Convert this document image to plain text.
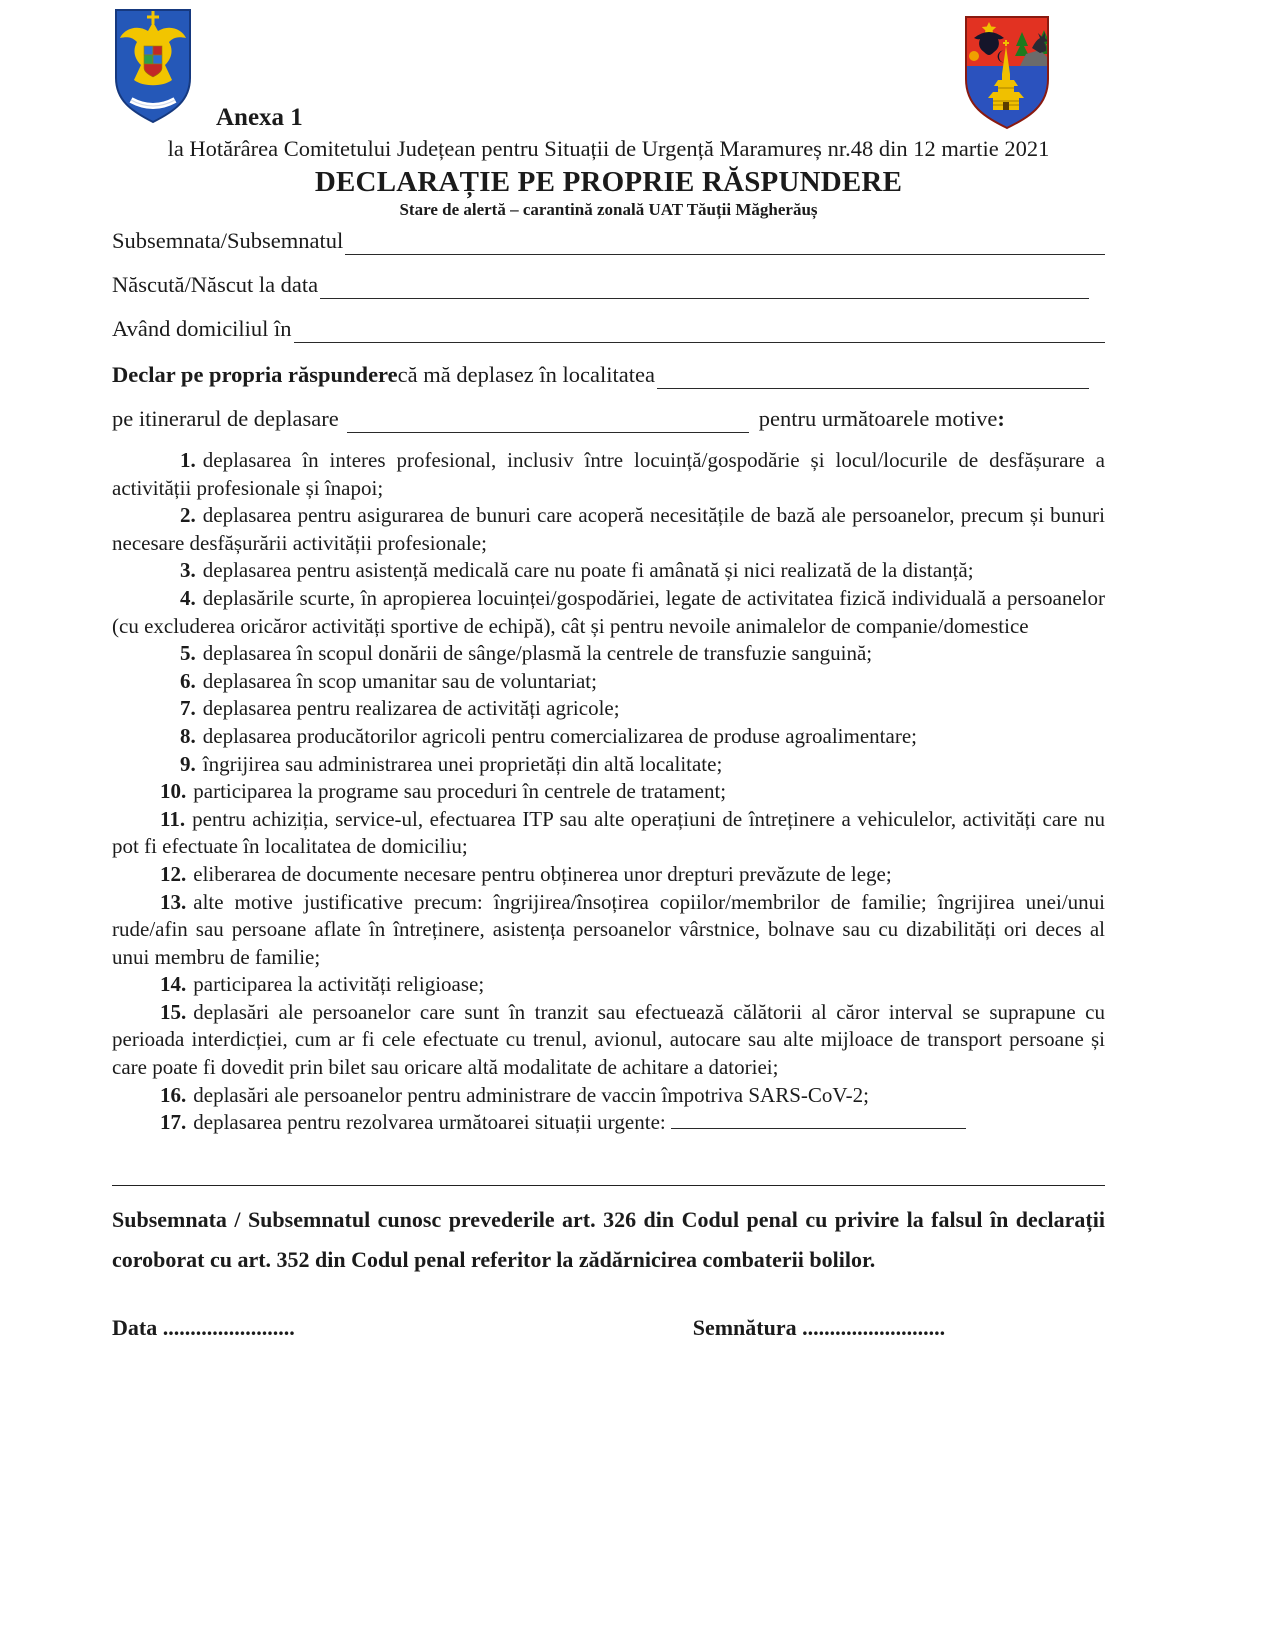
Anexa 1

la Hotărârea Comitetului Județean pentru Situații de Urgență Maramureș nr.48 din 12 martie 2021

DECLARAȚIE PE PROPRIE RĂSPUNDERE

Stare de alertă – carantină zonală UAT Tăuții Măgherăuș

Subsemnata/Subsemnatul
Născută/Născut la data
Având domiciliul în
Declar pe propria răspundere că mă deplasez în localitatea
pe itinerarul de deplasare	pentru următoarele motive :

1. deplasarea în interes profesional, inclusiv între locuință/gospodărie și locul/locurile de desfășurare a activității profesionale și înapoi;

2. deplasarea pentru asigurarea de bunuri care acoperă necesitățile de bază ale persoanelor, precum și bunuri necesare desfășurării activității profesionale;

3. deplasarea pentru asistență medicală care nu poate fi amânată și nici realizată de la distanță;

4. deplasările scurte, în apropierea locuinței/gospodăriei, legate de activitatea fizică individuală a persoanelor (cu excluderea oricăror activități sportive de echipă), cât și pentru nevoile animalelor de companie/domestice

5. deplasarea în scopul donării de sânge/plasmă la centrele de transfuzie sanguină;

6. deplasarea în scop umanitar sau de voluntariat;

7. deplasarea pentru realizarea de activități agricole;

8. deplasarea producătorilor agricoli pentru comercializarea de produse agroalimentare;

9. îngrijirea sau administrarea unei proprietăți din altă localitate;

10. participarea la programe sau proceduri în centrele de tratament;

11. pentru achiziția, service-ul, efectuarea ITP sau alte operațiuni de întreținere a vehiculelor, activități care nu pot fi efectuate în localitatea de domiciliu;

12. eliberarea de documente necesare pentru obținerea unor drepturi prevăzute de lege;

13. alte motive justificative precum: îngrijirea/însoțirea copiilor/membrilor de familie; îngrijirea unei/unui rude/afin sau persoane aflate în întreținere, asistența persoanelor vârstnice, bolnave sau cu dizabilități ori deces al unui membru de familie;

14. participarea la activități religioase;

15. deplasări ale persoanelor care sunt în tranzit sau efectuează călătorii al căror interval se suprapune cu perioada interdicției, cum ar fi cele efectuate cu trenul, avionul, autocare sau alte mijloace de transport persoane și care poate fi dovedit prin bilet sau oricare altă modalitate de achitare a datoriei;

16. deplasări ale persoanelor pentru administrare de vaccin împotriva SARS-CoV-2;

17. deplasarea pentru rezolvarea următoarei situații urgente:

Subsemnata / Subsemnatul cunosc prevederile art. 326 din Codul penal cu privire la falsul în declarații coroborat cu art. 352 din Codul penal referitor la zădărnicirea combaterii bolilor.

Data ........................	Semnătura ..........................
